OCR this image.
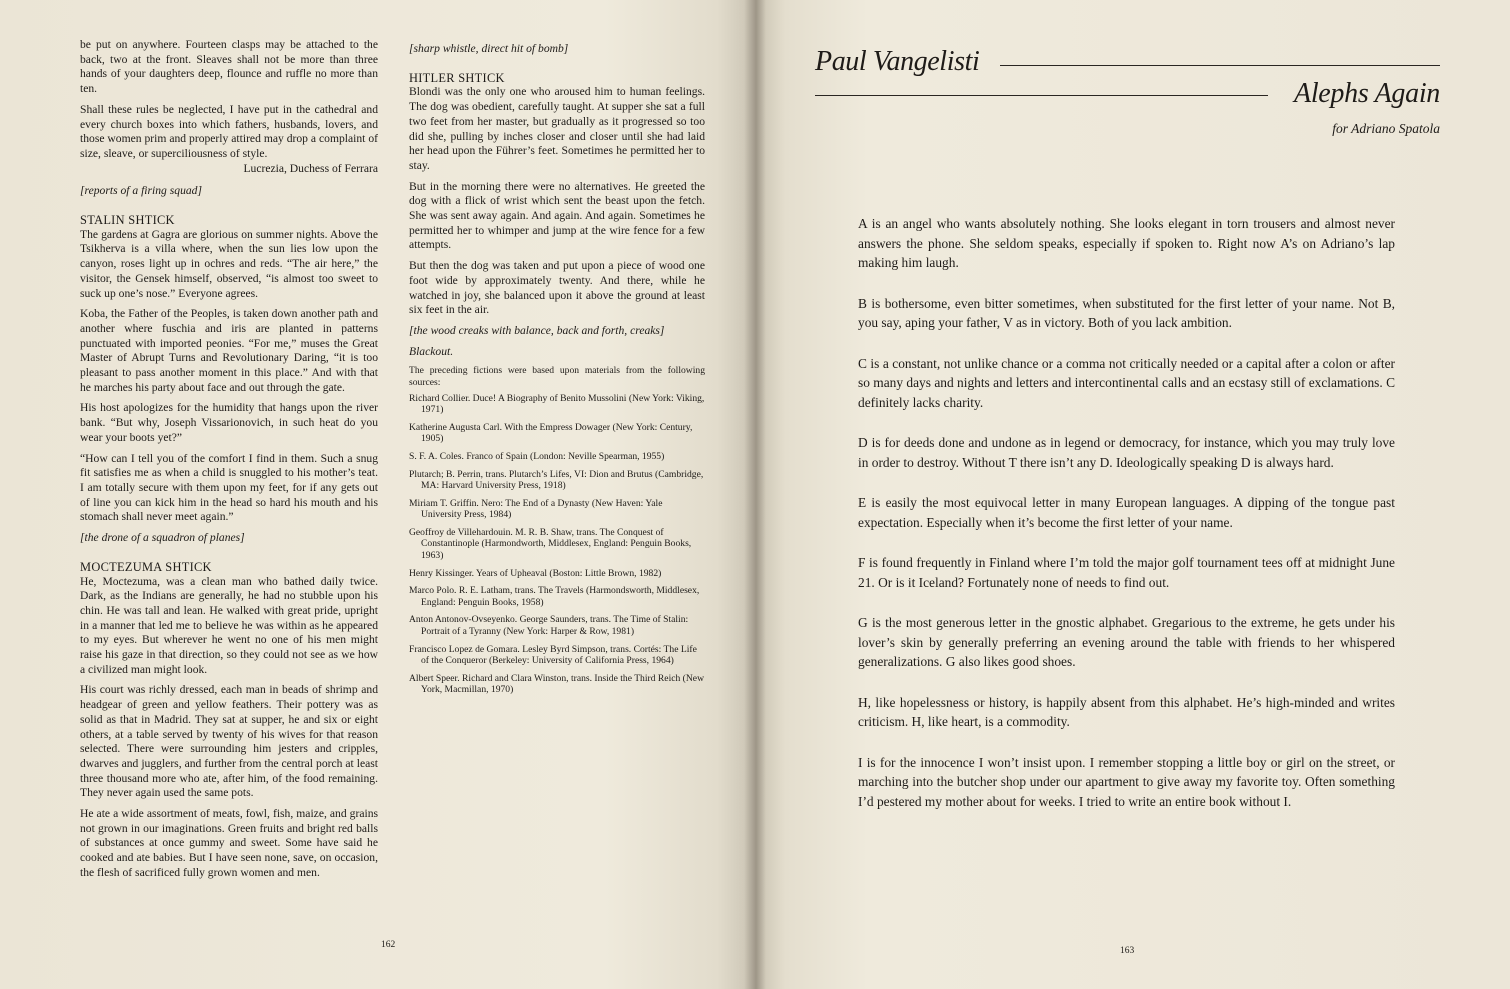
be put on anywhere. Fourteen clasps may be attached to the back, two at the front. Sleaves shall not be more than three hands of your daughters deep, flounce and ruffle no more than ten.

Shall these rules be neglected, I have put in the cathedral and every church boxes into which fathers, husbands, lovers, and those women prim and properly attired may drop a complaint of size, sleave, or superciliousness of style.

Lucrezia, Duchess of Ferrara

[reports of a firing squad]

STALIN SHTICK

The gardens at Gagra are glorious on summer nights. Above the Tsikherva is a villa where, when the sun lies low upon the canyon, roses light up in ochres and reds. “The air here,” the visitor, the Gensek himself, observed, “is almost too sweet to suck up one’s nose.” Everyone agrees.

Koba, the Father of the Peoples, is taken down another path and another where fuschia and iris are planted in patterns punctuated with imported peonies. “For me,” muses the Great Master of Abrupt Turns and Revolutionary Daring, “it is too pleasant to pass another moment in this place.” And with that he marches his party about face and out through the gate.

His host apologizes for the humidity that hangs upon the river bank. “But why, Joseph Vissarionovich, in such heat do you wear your boots yet?”

“How can I tell you of the comfort I find in them. Such a snug fit satisfies me as when a child is snuggled to his mother’s teat. I am totally secure with them upon my feet, for if any gets out of line you can kick him in the head so hard his mouth and his stomach shall never meet again.”

[the drone of a squadron of planes]

MOCTEZUMA SHTICK

He, Moctezuma, was a clean man who bathed daily twice. Dark, as the Indians are generally, he had no stubble upon his chin. He was tall and lean. He walked with great pride, upright in a manner that led me to believe he was within as he appeared to my eyes. But wherever he went no one of his men might raise his gaze in that direction, so they could not see as we how a civilized man might look.

His court was richly dressed, each man in beads of shrimp and headgear of green and yellow feathers. Their pottery was as solid as that in Madrid. They sat at supper, he and six or eight others, at a table served by twenty of his wives for that reason selected. There were surrounding him jesters and cripples, dwarves and jugglers, and further from the central porch at least three thousand more who ate, after him, of the food remaining. They never again used the same pots.

He ate a wide assortment of meats, fowl, fish, maize, and grains not grown in our imaginations. Green fruits and bright red balls of substances at once gummy and sweet. Some have said he cooked and ate babies. But I have seen none, save, on occasion, the flesh of sacrificed fully grown women and men.

[sharp whistle, direct hit of bomb]

HITLER SHTICK

Blondi was the only one who aroused him to human feelings. The dog was obedient, carefully taught. At supper she sat a full two feet from her master, but gradually as it progressed so too did she, pulling by inches closer and closer until she had laid her head upon the Führer’s feet. Sometimes he permitted her to stay.

But in the morning there were no alternatives. He greeted the dog with a flick of wrist which sent the beast upon the fetch. She was sent away again. And again. And again. Sometimes he permitted her to whimper and jump at the wire fence for a few attempts.

But then the dog was taken and put upon a piece of wood one foot wide by approximately twenty. And there, while he watched in joy, she balanced upon it above the ground at least six feet in the air.

[the wood creaks with balance, back and forth, creaks]

Blackout.

The preceding fictions were based upon materials from the following sources:

Richard Collier. Duce! A Biography of Benito Mussolini (New York: Viking, 1971)

Katherine Augusta Carl. With the Empress Dowager (New York: Century, 1905)

S. F. A. Coles. Franco of Spain (London: Neville Spearman, 1955)

Plutarch; B. Perrin, trans. Plutarch’s Lifes, VI: Dion and Brutus (Cambridge, MA: Harvard University Press, 1918)

Miriam T. Griffin. Nero: The End of a Dynasty (New Haven: Yale University Press, 1984)

Geoffroy de Villehardouin. M. R. B. Shaw, trans. The Conquest of Constantinople (Harmondworth, Middlesex, England: Penguin Books, 1963)

Henry Kissinger. Years of Upheaval (Boston: Little Brown, 1982)

Marco Polo. R. E. Latham, trans. The Travels (Harmondsworth, Middlesex, England: Penguin Books, 1958)

Anton Antonov-Ovseyenko. George Saunders, trans. The Time of Stalin: Portrait of a Tyranny (New York: Harper & Row, 1981)

Francisco Lopez de Gomara. Lesley Byrd Simpson, trans. Cortés: The Life of the Conqueror (Berkeley: University of California Press, 1964)

Albert Speer. Richard and Clara Winston, trans. Inside the Third Reich (New York, Macmillan, 1970)

162
Paul Vangelisti
Alephs Again
for Adriano Spatola

A is an angel who wants absolutely nothing. She looks elegant in torn trousers and almost never answers the phone. She seldom speaks, especially if spoken to. Right now A’s on Adriano’s lap making him laugh.

B is bothersome, even bitter sometimes, when substituted for the first letter of your name. Not B, you say, aping your father, V as in victory. Both of you lack ambition.

C is a constant, not unlike chance or a comma not critically needed or a capital after a colon or after so many days and nights and letters and intercontinental calls and an ecstasy still of exclamations. C definitely lacks charity.

D is for deeds done and undone as in legend or democracy, for instance, which you may truly love in order to destroy. Without T there isn’t any D. Ideologically speaking D is always hard.

E is easily the most equivocal letter in many European languages. A dipping of the tongue past expectation. Especially when it’s become the first letter of your name.

F is found frequently in Finland where I’m told the major golf tournament tees off at midnight June 21. Or is it Iceland? Fortunately none of needs to find out.

G is the most generous letter in the gnostic alphabet. Gregarious to the extreme, he gets under his lover’s skin by generally preferring an evening around the table with friends to her whispered generalizations. G also likes good shoes.

H, like hopelessness or history, is happily absent from this alphabet. He’s high-minded and writes criticism. H, like heart, is a commodity.

I is for the innocence I won’t insist upon. I remember stopping a little boy or girl on the street, or marching into the butcher shop under our apartment to give away my favorite toy. Often something I’d pestered my mother about for weeks. I tried to write an entire book without I.

163
